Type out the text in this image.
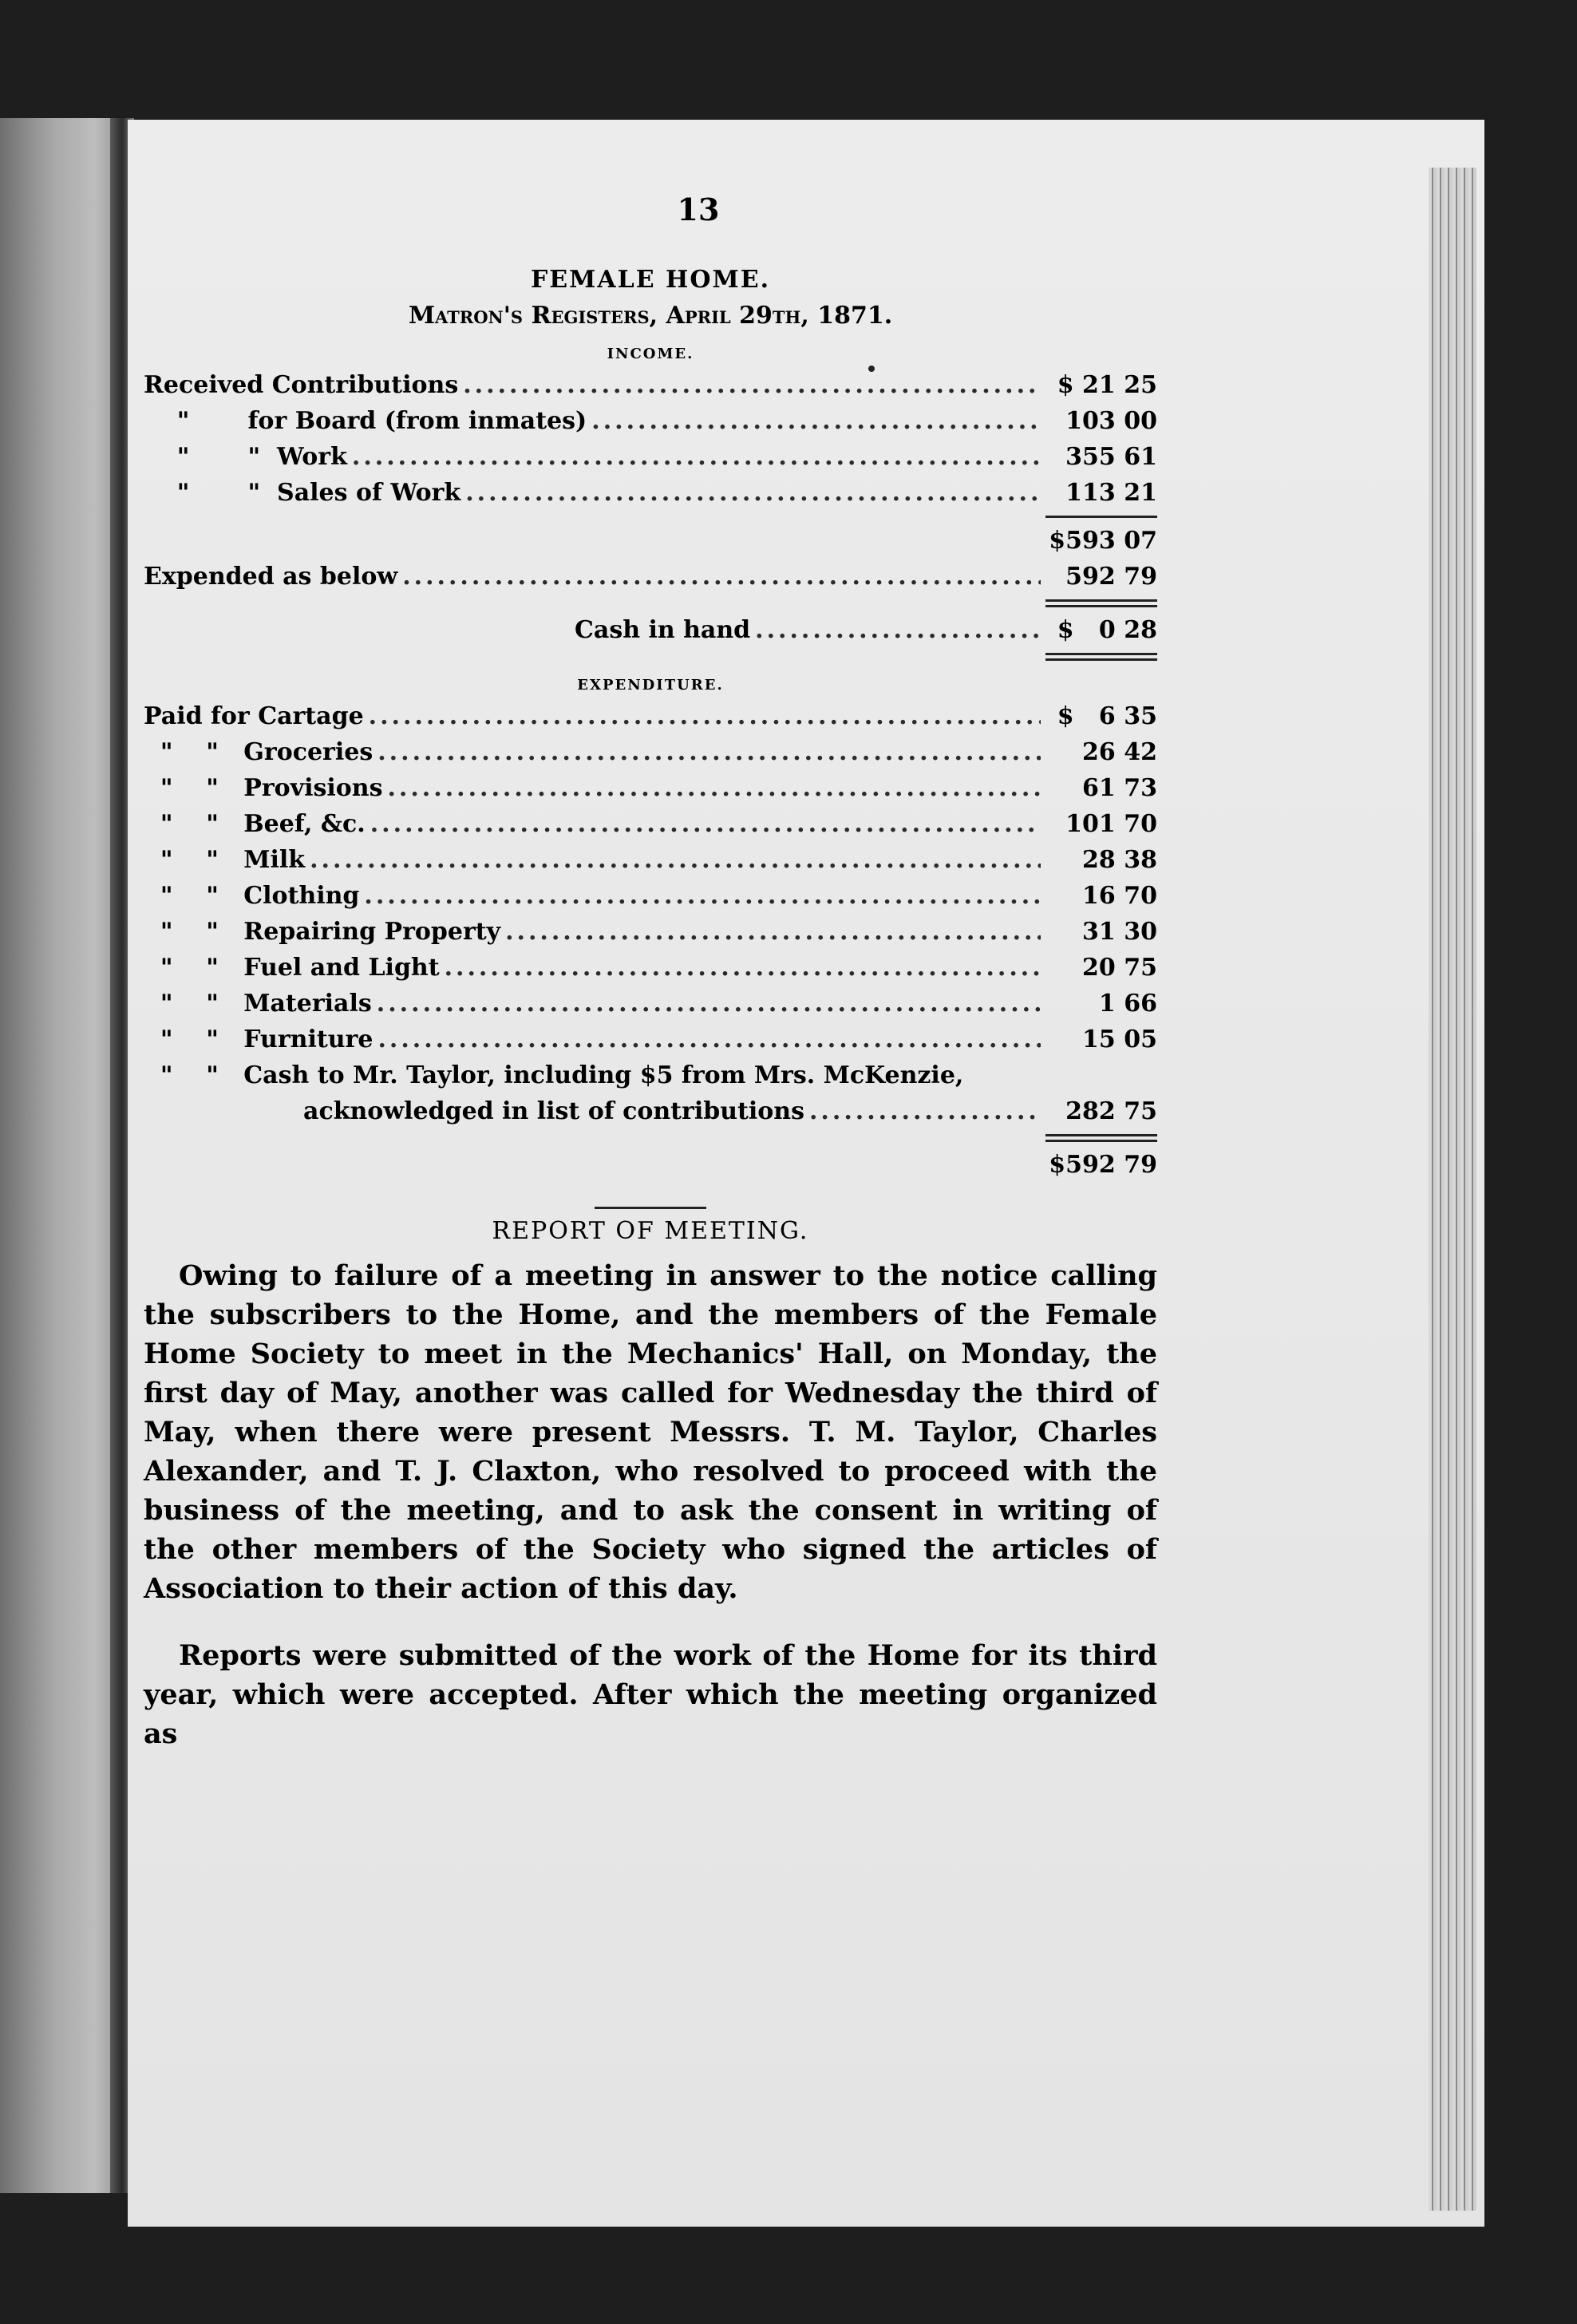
13
FEMALE HOME.
Matron's Registers, April 29th, 1871.
INCOME.
Received Contributions .....	$ 21 25
" for Board (from inmates) .....	103 00
"       " Work .....	355 61
"       " Sales of Work .....	113 21
$593 07
Expended as below .....	592 79
Cash in hand .....	$   0 28
EXPENDITURE.
Paid for Cartage .....	$   6 35
"    " Groceries .....	26 42
"    " Provisions .....	61 73
"    " Beef, &c. .....	101 70
"    " Milk .....	28 38
"    " Clothing .....	16 70
"    " Repairing Property .....	31 30
"    " Fuel and Light .....	20 75
"    " Materials .....	1 66
"    " Furniture .....	15 05
"    " Cash to Mr. Taylor, including $5 from Mrs. McKenzie,
acknowledged in list of contributions .....	282 75
$592 79
REPORT OF MEETING.

Owing to failure of a meeting in answer to the notice calling the subscribers to the Home, and the members of the Female Home Society to meet in the Mechanics' Hall, on Monday, the first day of May, another was called for Wednesday the third of May, when there were present Messrs. T. M. Taylor, Charles Alexander, and T. J. Claxton, who resolved to proceed with the business of the meeting, and to ask the consent in writing of the other members of the Society who signed the articles of Association to their action of this day.

Reports were submitted of the work of the Home for its third year, which were accepted. After which the meeting organized as
